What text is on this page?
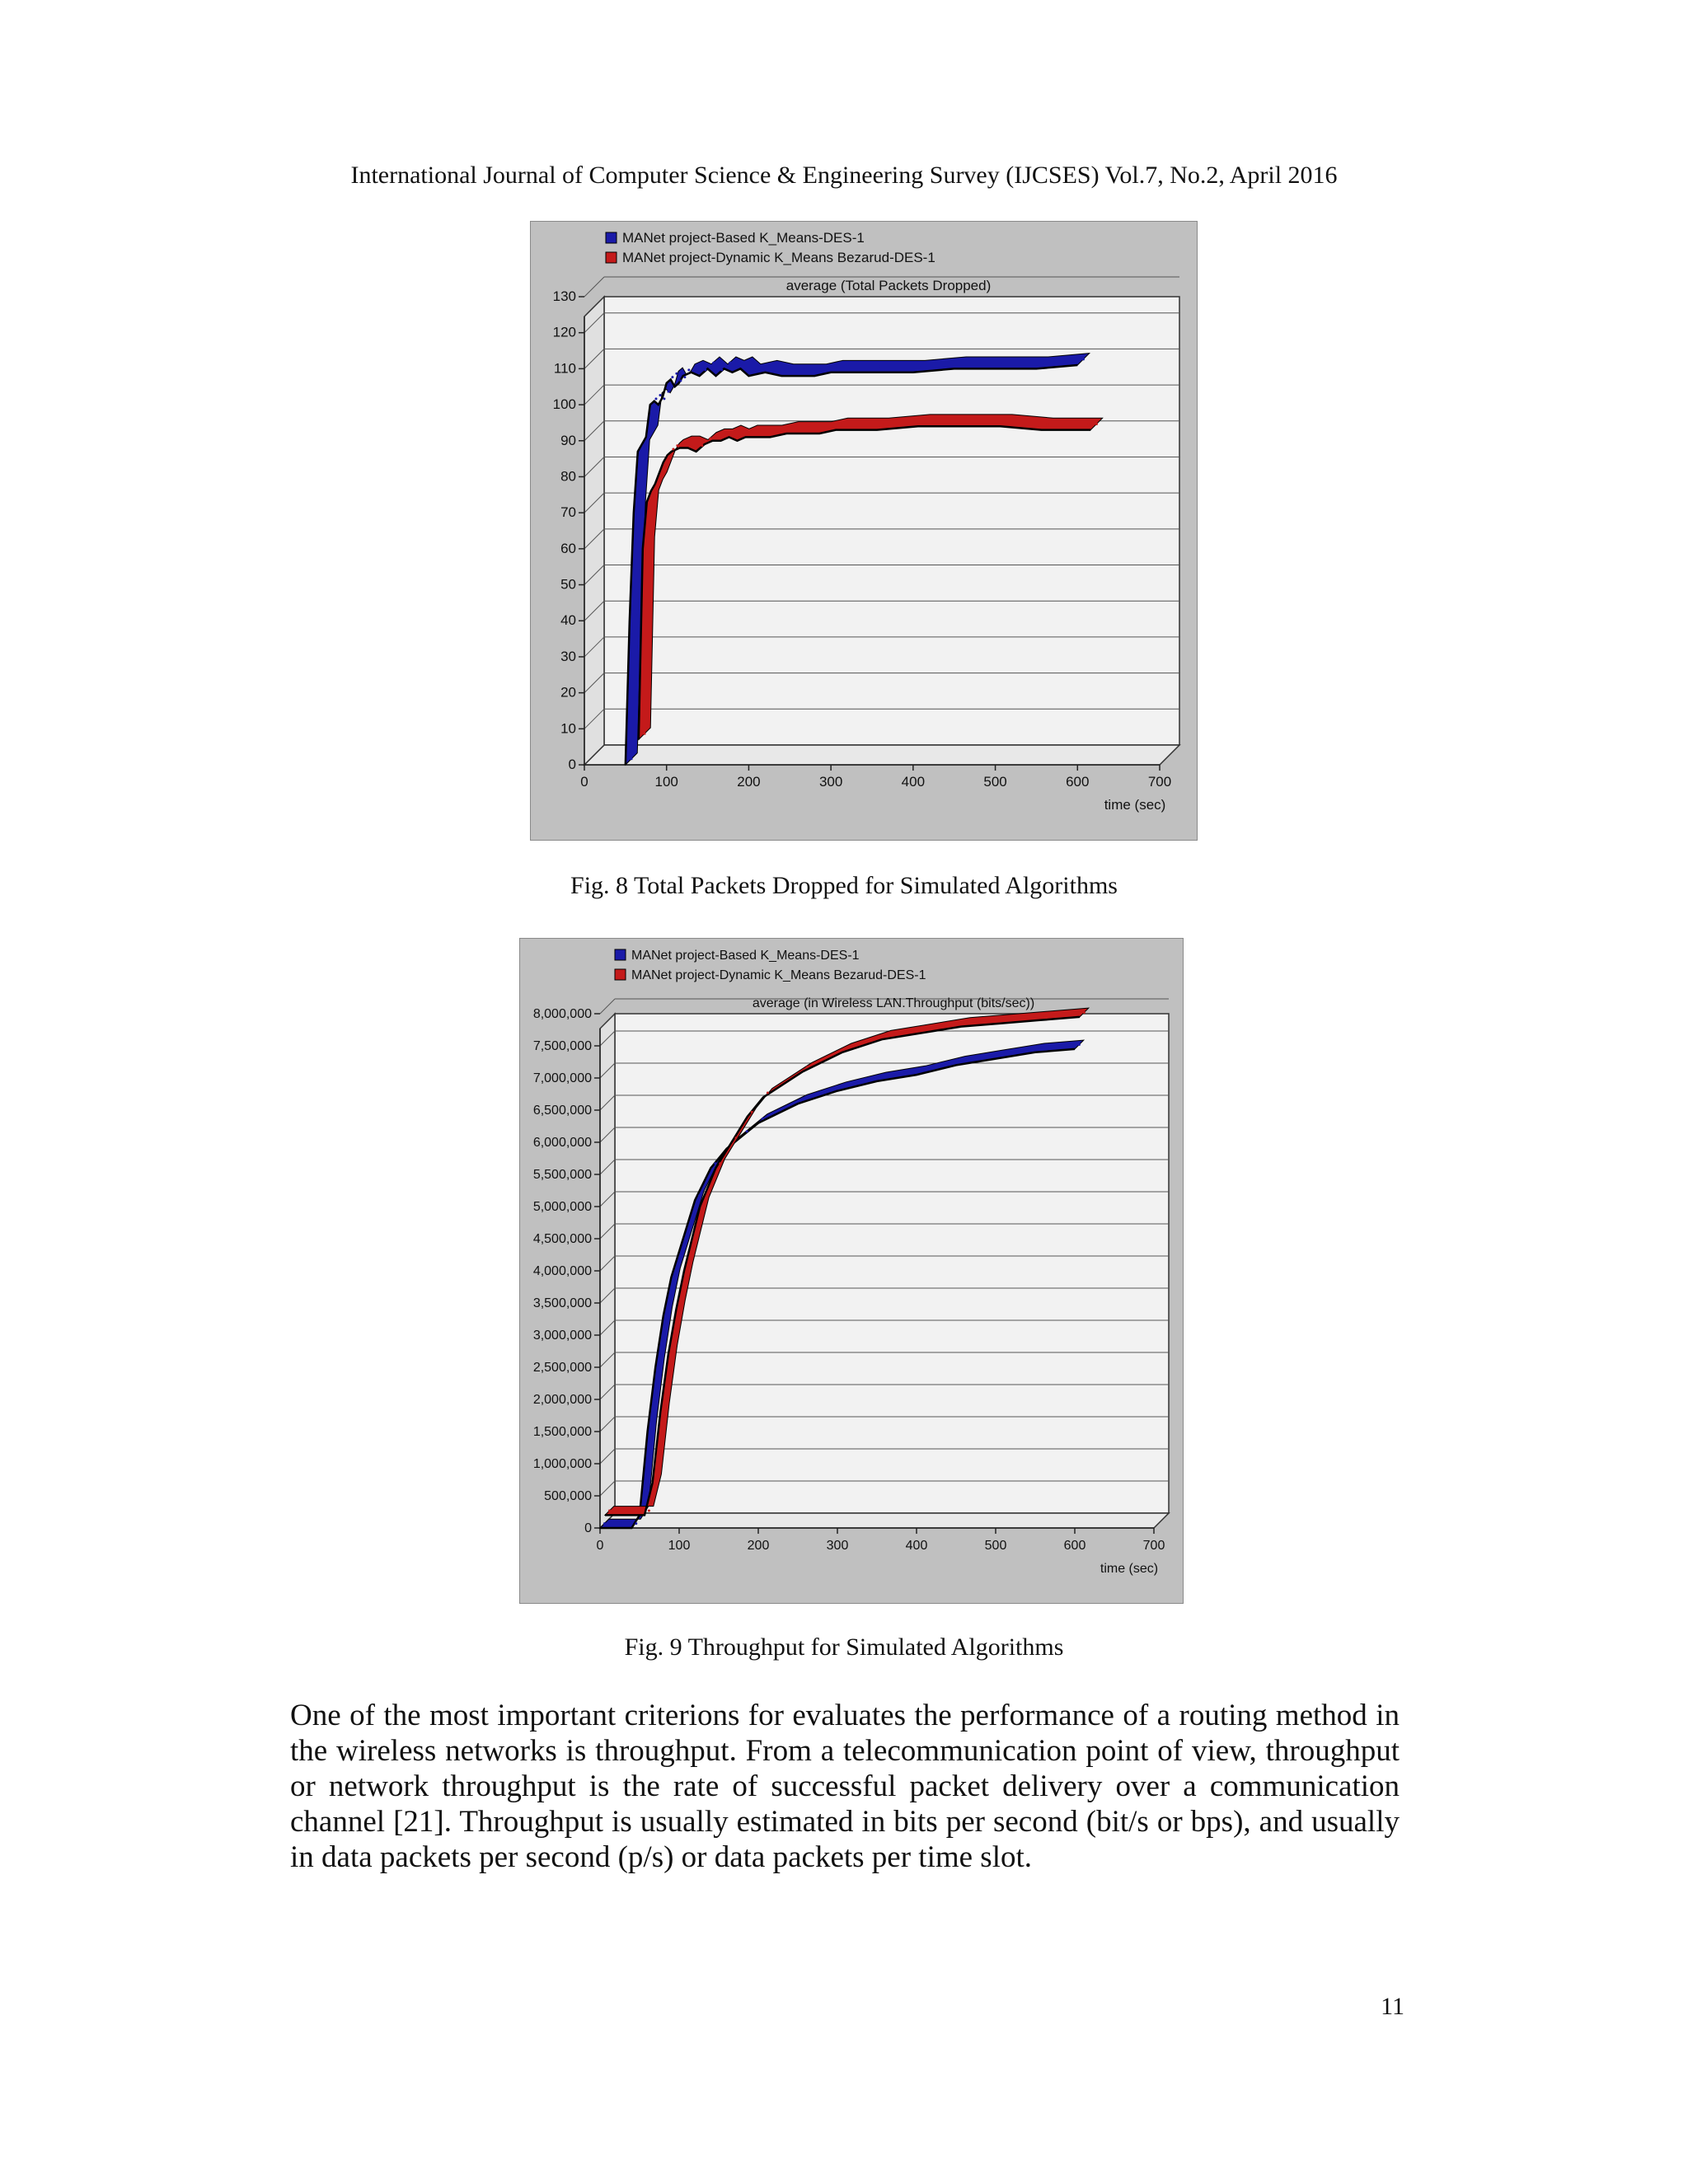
International Journal of Computer Science & Engineering Survey (IJCSES) Vol.7, No.2, April 2016
0
10
20
30
40
50
60
70
80
90
100
110
120
130
0	100	200	300	400	500	600	700
time (sec)
average (Total Packets Dropped)
MANet project-Based K_Means-DES-1
MANet project-Dynamic K_Means Bezarud-DES-1
Fig. 8 Total Packets Dropped for Simulated Algorithms
0
500,000
1,000,000
1,500,000
2,000,000
2,500,000
3,000,000
3,500,000
4,000,000
4,500,000
5,000,000
5,500,000
6,000,000
6,500,000
7,000,000
7,500,000
8,000,000
0	100	200	300	400	500	600	700
time (sec)
average (in Wireless LAN.Throughput (bits/sec))
MANet project-Based K_Means-DES-1
MANet project-Dynamic K_Means Bezarud-DES-1
Fig. 9 Throughput for Simulated Algorithms
One of the most important criterions for evaluates the performance of a routing method in the wireless networks is throughput. From a telecommunication point of view, throughput or network throughput is the rate of successful packet delivery over a communication channel [21]. Throughput is usually estimated in bits per second (bit/s or bps), and usually in data packets per second (p/s) or data packets per time slot.
11
